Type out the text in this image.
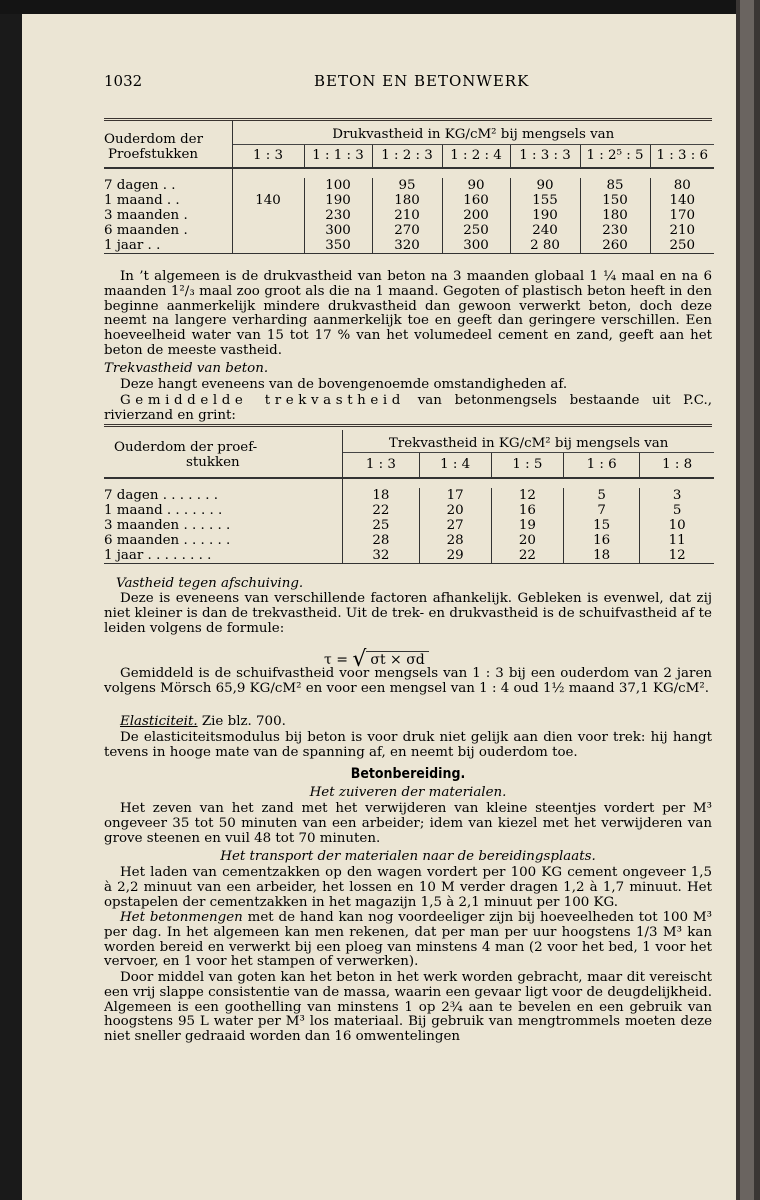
1032	BETON EN BETONWERK
Ouderdom der
Proefstukken	Drukvastheid in KG/cM² bij mengsels van						
	1 : 3	1 : 1 : 3	1 : 2 : 3	1 : 2 : 4	1 : 3 : 3	1 : 2⁵ : 5	1 : 3 : 6

7 dagen . .		100	95	90	90	85	80
1 maand . .	140	190	180	160	155	150	140
3 maanden .		230	210	200	190	180	170
6 maanden .		300	270	250	240	230	210
1 jaar . .		350	320	300	2 80	260	250

In ’t algemeen is de drukvastheid van beton na 3 maanden globaal 1 ¼ maal en na 6 maanden 1²/₃ maal zoo groot als die na 1 maand. Gegoten of plastisch beton heeft in den beginne aanmerkelijk mindere drukvastheid dan gewoon verwerkt beton, doch deze neemt na langere verharding aanmerkelijk toe en geeft dan geringere verschillen. Een hoeveelheid water van 15 tot 17 % van het volumedeel cement en zand, geeft aan het beton de meeste vastheid.

Trekvastheid van beton.

Deze hangt eveneens van de bovengenoemde omstandigheden af.

Gemiddelde trekvastheid van betonmengsels bestaande uit P.C., rivierzand en grint:

Ouderdom der proef-
stukken	Trekvastheid in KG/cM² bij mengsels van				
	1 : 3	1 : 4	1 : 5	1 : 6	1 : 8

7 dagen . . . . . . .	18	17	12	5	3
1 maand . . . . . . .	22	20	16	7	5
3 maanden . . . . . .	25	27	19	15	10
6 maanden . . . . . .	28	28	20	16	11
1 jaar . . . . . . . .	32	29	22	18	12

Vastheid tegen afschuiving.

Deze is eveneens van verschillende factoren afhankelijk. Gebleken is evenwel, dat zij niet kleiner is dan de trekvastheid. Uit de trek- en drukvastheid is de schuifvastheid af te leiden volgens de formule:

τ = √ σt × σd

Gemiddeld is de schuifvastheid voor mengsels van 1 : 3 bij een ouderdom van 2 jaren volgens Mörsch 65,9 KG/cM² en voor een mengsel van 1 : 4 oud 1½ maand 37,1 KG/cM².

Elasticiteit. Zie blz. 700.

De elasticiteitsmodulus bij beton is voor druk niet gelijk aan dien voor trek: hij hangt tevens in hooge mate van de spanning af, en neemt bij ouderdom toe.

Betonbereiding.

Het zuiveren der materialen.

Het zeven van het zand met het verwijderen van kleine steentjes vordert per M³ ongeveer 35 tot 50 minuten van een arbeider; idem van kiezel met het verwijderen van grove steenen en vuil 48 tot 70 minuten.

Het transport der materialen naar de bereidingsplaats.

Het laden van cementzakken op den wagen vordert per 100 KG cement ongeveer 1,5 à 2,2 minuut van een arbeider, het lossen en 10 M verder dragen 1,2 à 1,7 minuut. Het opstapelen der cementzakken in het magazijn 1,5 à 2,1 minuut per 100 KG.

Het betonmengen met de hand kan nog voordeeliger zijn bij hoeveelheden tot 100 M³ per dag. In het algemeen kan men rekenen, dat per man per uur hoogstens 1/3 M³ kan worden bereid en verwerkt bij een ploeg van minstens 4 man (2 voor het bed, 1 voor het vervoer, en 1 voor het stampen of verwerken).

Door middel van goten kan het beton in het werk worden gebracht, maar dit vereischt een vrij slappe consistentie van de massa, waarin een gevaar ligt voor de deugdelijkheid. Algemeen is een goothelling van minstens 1 op 2¾ aan te bevelen en een gebruik van hoogstens 95 L water per M³ los materiaal. Bij gebruik van mengtrommels moeten deze niet sneller gedraaid worden dan 16 omwentelingen
